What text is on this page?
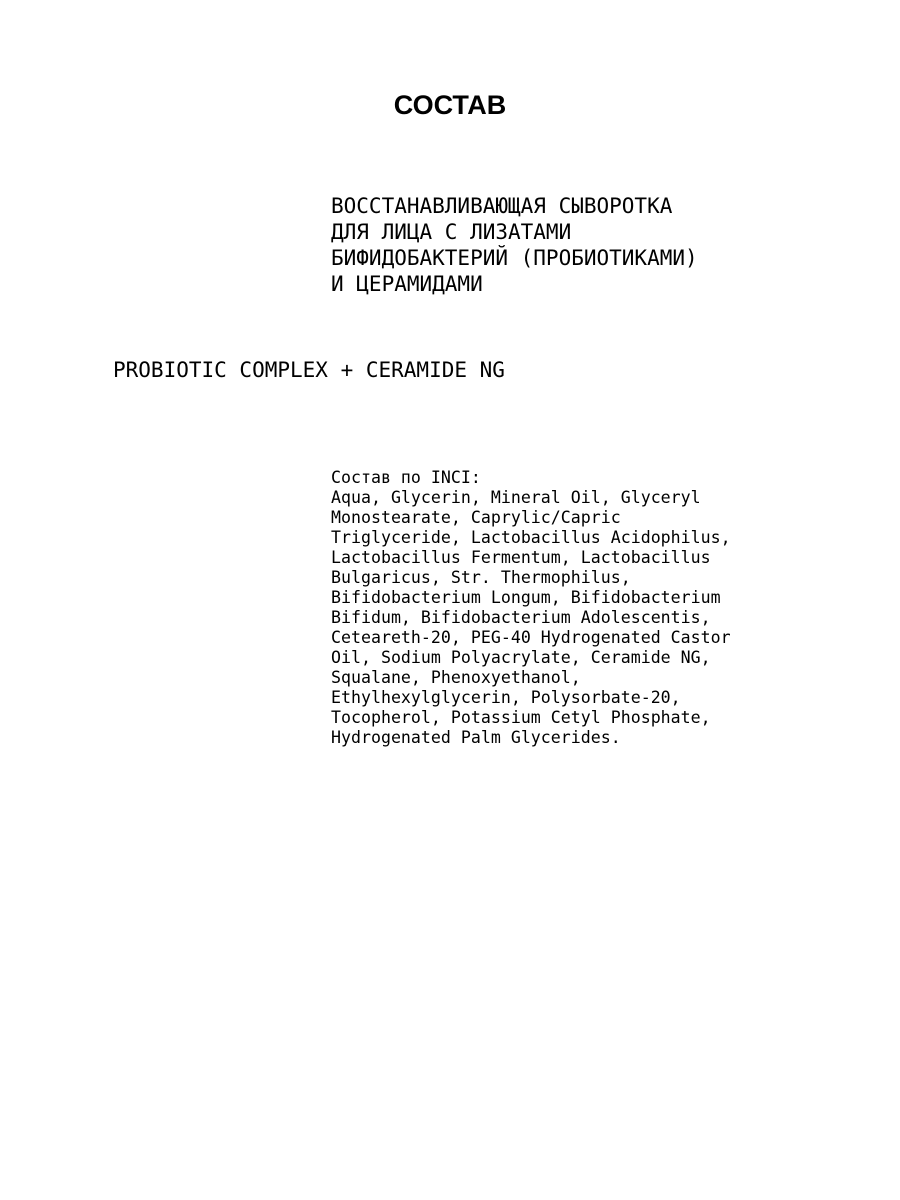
СОСТАВ
ВОССТАНАВЛИВАЮЩАЯ СЫВОРОТКА
ДЛЯ ЛИЦА С ЛИЗАТАМИ
БИФИДОБАКТЕРИЙ (ПРОБИОТИКАМИ)
И ЦЕРАМИДАМИ
PROBIOTIC COMPLEX + CERAMIDE NG
Состав по INCI:
Aqua, Glycerin, Mineral Oil, Glyceryl
Monostearate, Caprylic/Capric
Triglyceride, Lactobacillus Acidophilus,
Lactobacillus Fermentum, Lactobacillus
Bulgaricus, Str. Thermophilus,
Bifidobacterium Longum, Bifidobacterium
Bifidum, Bifidobacterium Adolescentis,
Ceteareth-20, PEG-40 Hydrogenated Castor
Oil, Sodium Polyacrylate, Ceramide NG,
Squalane, Phenoxyethanol,
Ethylhexylglycerin, Polysorbate-20,
Tocopherol, Potassium Cetyl Phosphate,
Hydrogenated Palm Glycerides.
